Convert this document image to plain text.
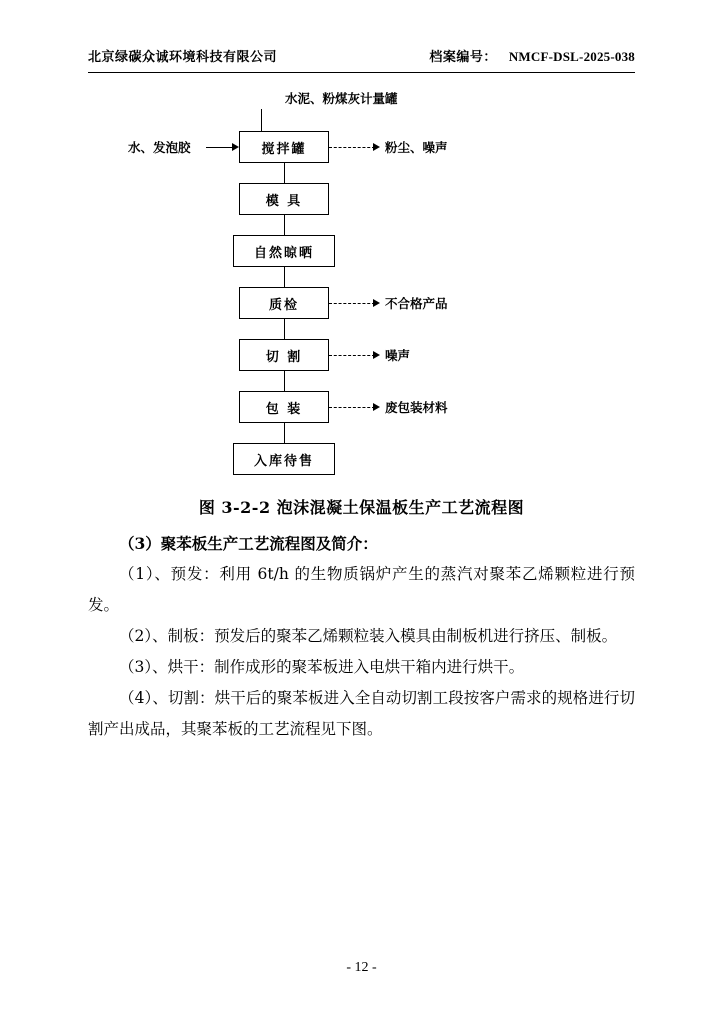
北京绿碳众诚环境科技有限公司	档案编号： NMCF-DSL-2025-038
水泥、粉煤灰计量罐
水、发泡胶	搅拌罐	粉尘、噪声
模 具
自然晾晒
质检	不合格产品
切 割	噪声
包 装	废包装材料
入库待售
图 3-2-2 泡沫混凝土保温板生产工艺流程图

（3）聚苯板生产工艺流程图及简介：

（1）、预发：利用 6t/h 的生物质锅炉产生的蒸汽对聚苯乙烯颗粒进行预发。

（2）、制板：预发后的聚苯乙烯颗粒装入模具由制板机进行挤压、制板。

（3）、烘干：制作成形的聚苯板进入电烘干箱内进行烘干。

（4）、切割：烘干后的聚苯板进入全自动切割工段按客户需求的规格进行切割产出成品，其聚苯板的工艺流程见下图。

- 12 -
